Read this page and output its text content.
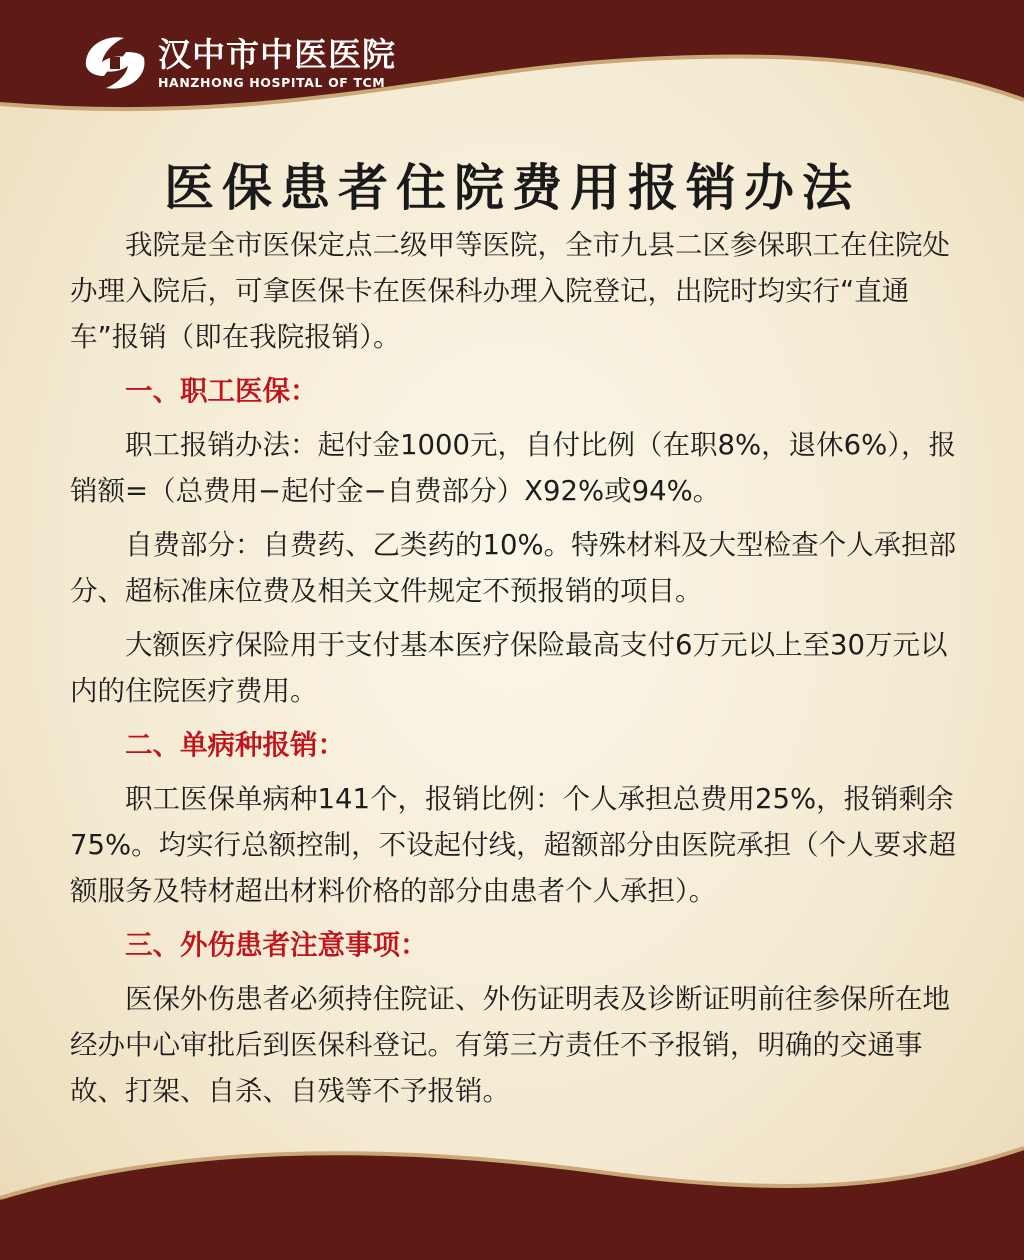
汉中市中医医院
HANZHONG HOSPITAL OF TCM
医保患者住院费用报销办法

我院是全市医保定点二级甲等医院，全市九县二区参保职工在住院处办理入院后，可拿医保卡在医保科办理入院登记，出院时均实行“直通车”报销（即在我院报销）。

一、职工医保：

职工报销办法：起付金1000元，自付比例（在职8%，退休6%），报销额=（总费用−起付金−自费部分）X92%或94%。

自费部分：自费药、乙类药的10%。特殊材料及大型检查个人承担部分、超标准床位费及相关文件规定不预报销的项目。

大额医疗保险用于支付基本医疗保险最高支付6万元以上至30万元以内的住院医疗费用。

二、单病种报销：

职工医保单病种141个，报销比例：个人承担总费用25%，报销剩余75%。均实行总额控制，不设起付线，超额部分由医院承担（个人要求超额服务及特材超出材料价格的部分由患者个人承担）。

三、外伤患者注意事项：

医保外伤患者必须持住院证、外伤证明表及诊断证明前往参保所在地经办中心审批后到医保科登记。有第三方责任不予报销，明确的交通事故、打架、自杀、自残等不予报销。
